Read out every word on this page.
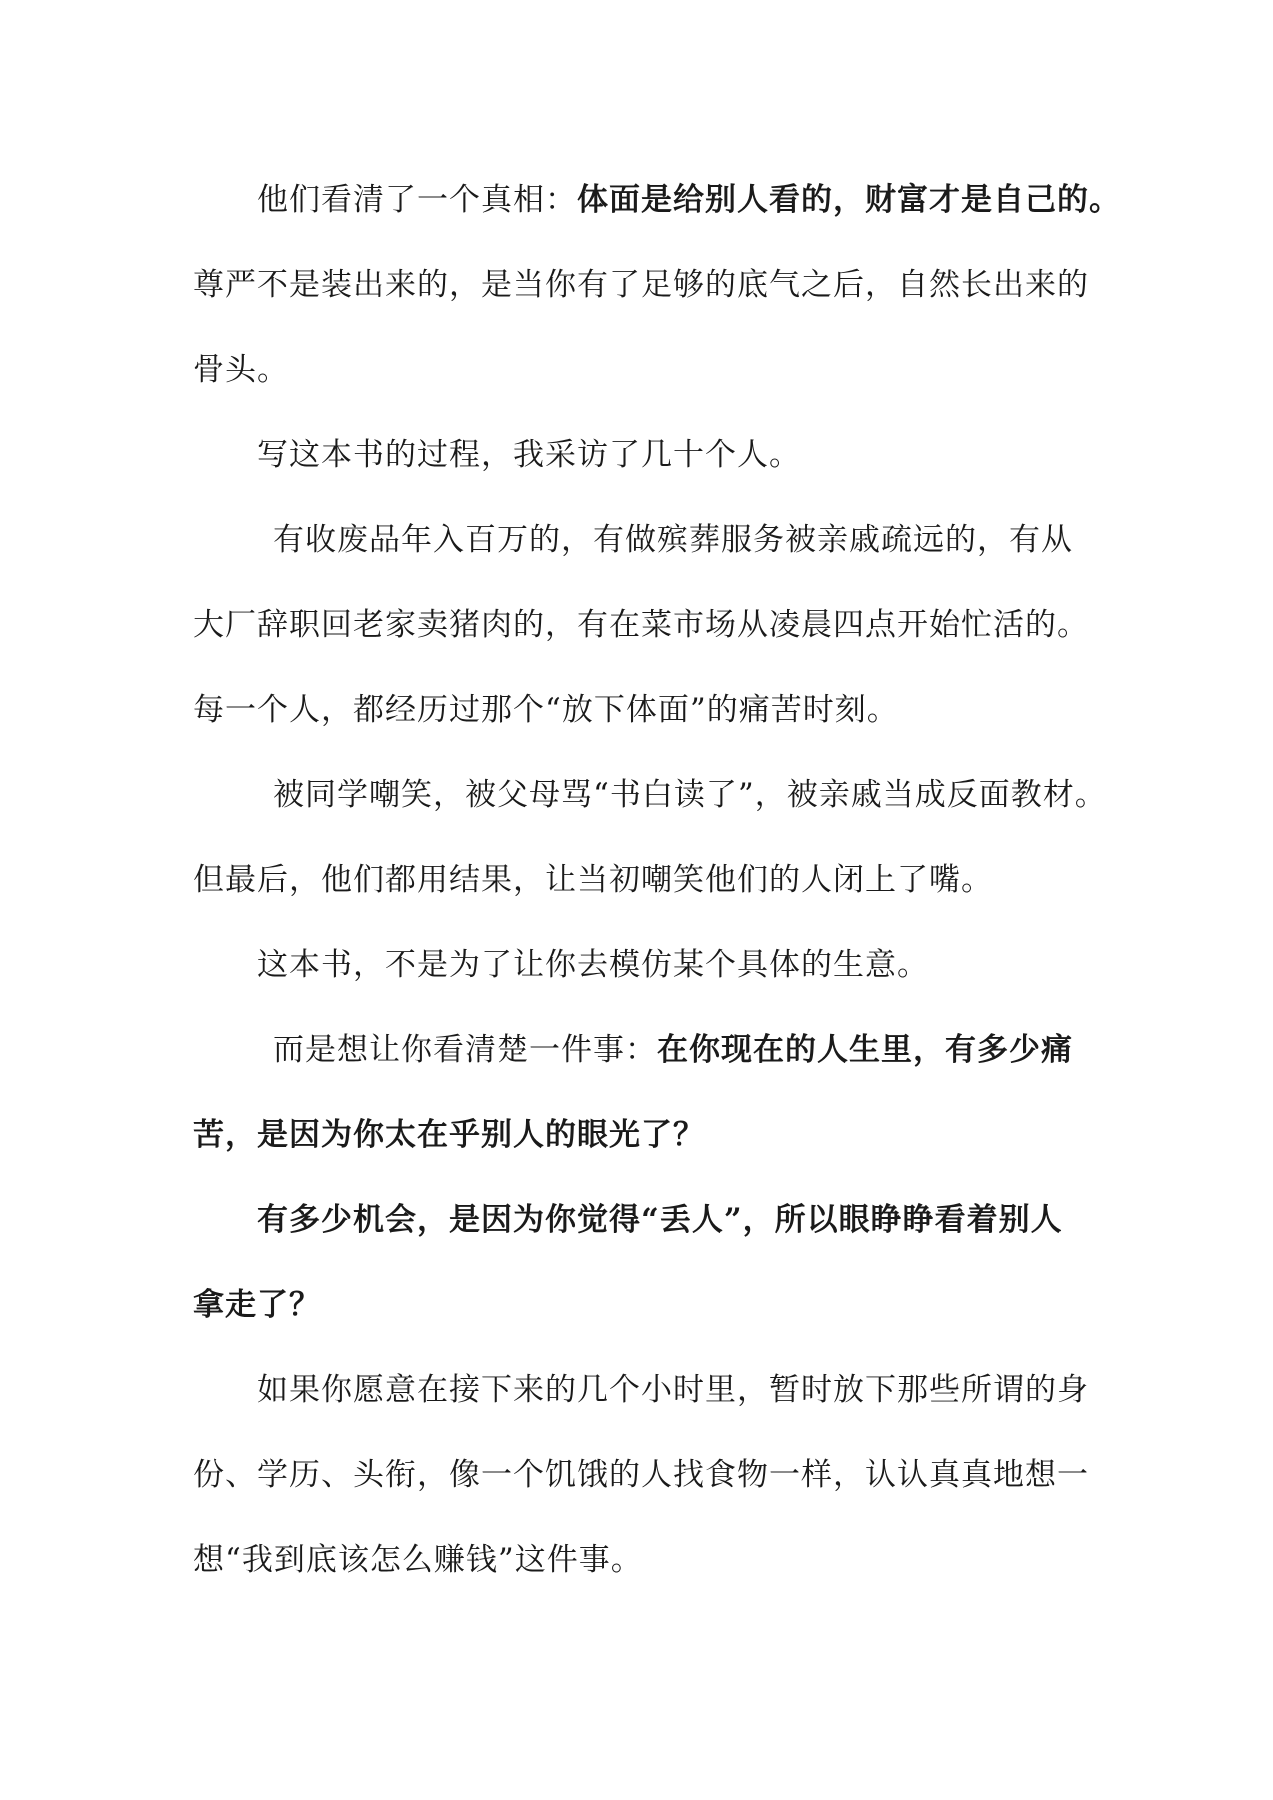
他们看清了一个真相：体面是给别人看的，财富才是自己的。
尊严不是装出来的，是当你有了足够的底气之后，自然长出来的
骨头。
写这本书的过程，我采访了几十个人。
有收废品年入百万的，有做殡葬服务被亲戚疏远的，有从
大厂辞职回老家卖猪肉的，有在菜市场从凌晨四点开始忙活的。
每一个人，都经历过那个“放下体面”的痛苦时刻。
被同学嘲笑，被父母骂“书白读了”，被亲戚当成反面教材。
但最后，他们都用结果，让当初嘲笑他们的人闭上了嘴。
这本书，不是为了让你去模仿某个具体的生意。
而是想让你看清楚一件事：在你现在的人生里，有多少痛
苦，是因为你太在乎别人的眼光了？
有多少机会，是因为你觉得“丢人”，所以眼睁睁看着别人
拿走了？
如果你愿意在接下来的几个小时里，暂时放下那些所谓的身
份、学历、头衔，像一个饥饿的人找食物一样，认认真真地想一
想“我到底该怎么赚钱”这件事。
